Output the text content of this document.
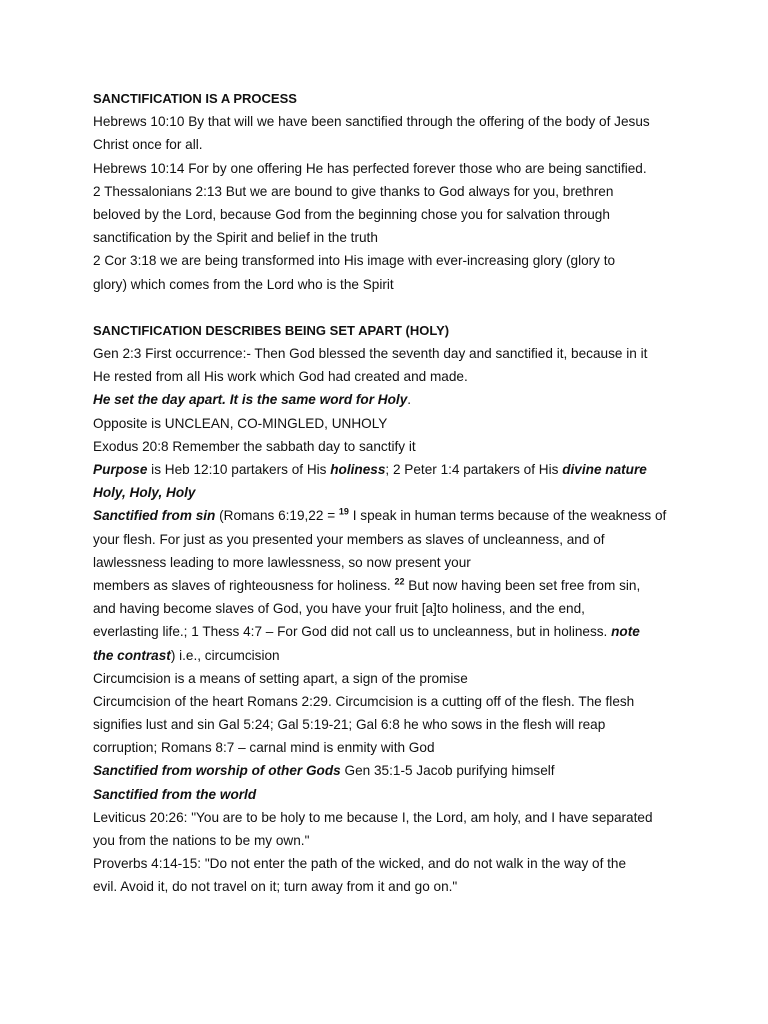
SANCTIFICATION IS A PROCESS
Hebrews 10:10 By that will we have been sanctified through the offering of the body of Jesus
Christ once for all.
Hebrews 10:14 For by one offering He has perfected forever those who are being sanctified.
2 Thessalonians 2:13 But we are bound to give thanks to God always for you, brethren
beloved by the Lord, because God from the beginning chose you for salvation through
sanctification by the Spirit and belief in the truth
2 Cor 3:18 we are being transformed into His image with ever-increasing glory (glory to
glory) which comes from the Lord who is the Spirit
SANCTIFICATION DESCRIBES BEING SET APART (HOLY)
Gen 2:3 First occurrence:- Then God blessed the seventh day and sanctified it, because in it
He rested from all His work which God had created and made.
He set the day apart. It is the same word for Holy.
Opposite is UNCLEAN, CO-MINGLED, UNHOLY
Exodus 20:8 Remember the sabbath day to sanctify it
Purpose is Heb 12:10 partakers of His holiness; 2 Peter 1:4 partakers of His divine nature
Holy, Holy, Holy
Sanctified from sin (Romans 6:19,22 = $^{19}$ I speak in human terms because of the weakness of
your flesh. For just as you presented your members as slaves of uncleanness, and of
lawlessness leading to more lawlessness, so now present your
members as slaves of righteousness for holiness. $^{22}$ But now having been set free from sin,
and having become slaves of God, you have your fruit [a]to holiness, and the end,
everlasting life.; 1 Thess 4:7 – For God did not call us to uncleanness, but in holiness. note
the contrast) i.e., circumcision
Circumcision is a means of setting apart, a sign of the promise
Circumcision of the heart Romans 2:29. Circumcision is a cutting off of the flesh. The flesh
signifies lust and sin Gal 5:24; Gal 5:19-21; Gal 6:8 he who sows in the flesh will reap
corruption; Romans 8:7 – carnal mind is enmity with God
Sanctified from worship of other Gods Gen 35:1-5 Jacob purifying himself
Sanctified from the world
Leviticus 20:26: "You are to be holy to me because I, the Lord, am holy, and I have separated
you from the nations to be my own."
Proverbs 4:14-15: "Do not enter the path of the wicked, and do not walk in the way of the
evil. Avoid it, do not travel on it; turn away from it and go on."
